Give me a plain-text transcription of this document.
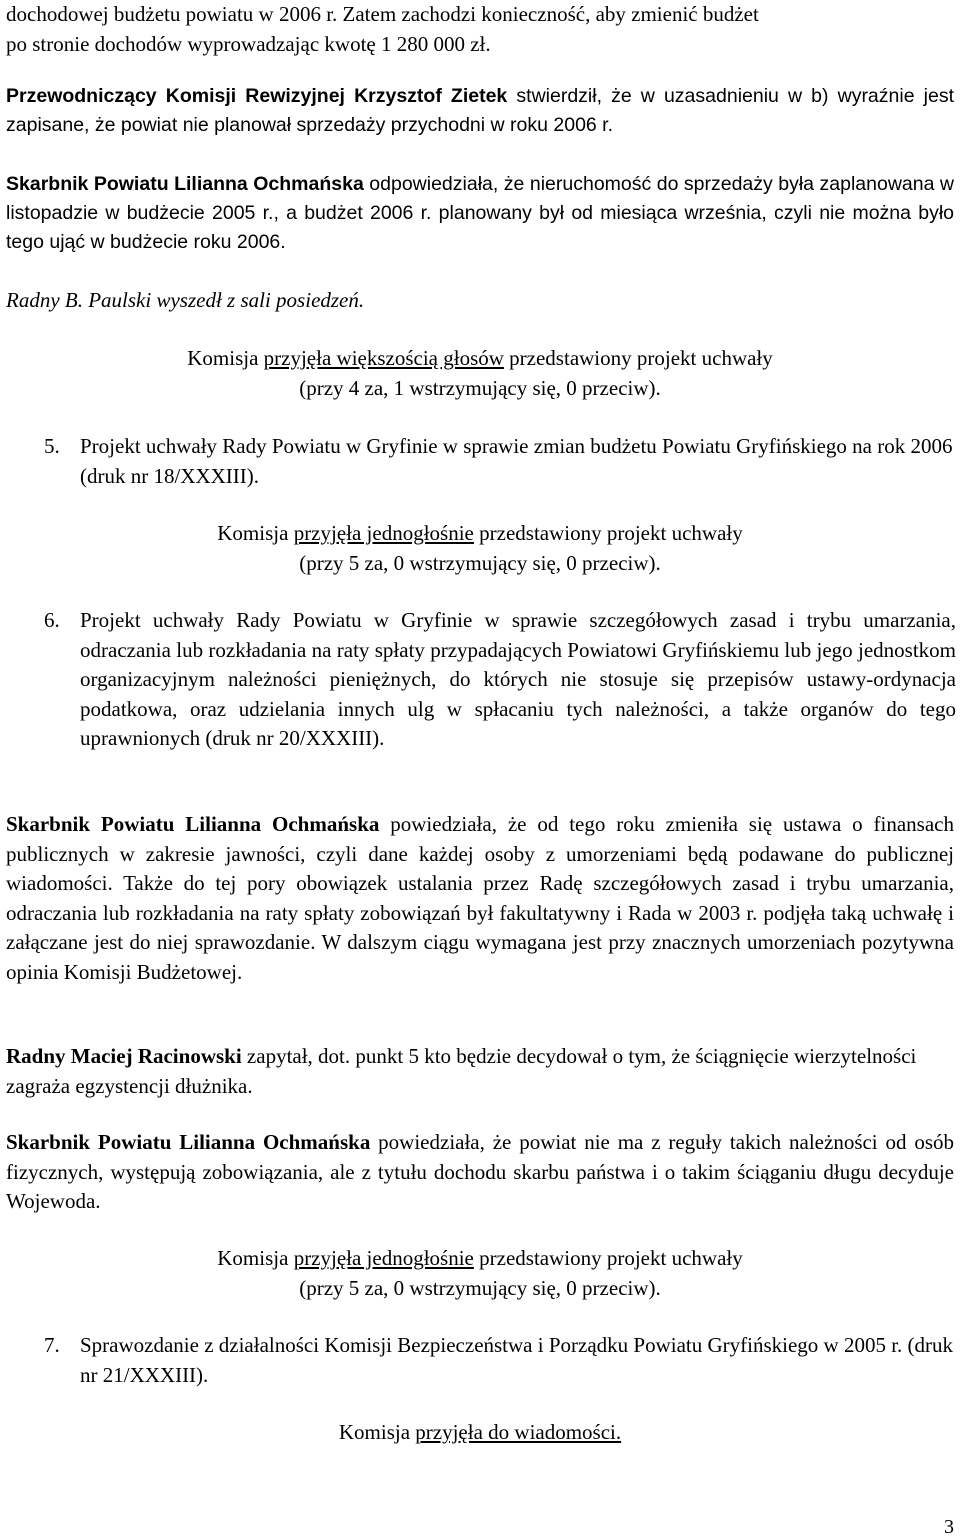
dochodowej budżetu powiatu w 2006 r. Zatem zachodzi konieczność, aby zmienić budżet
po stronie dochodów wyprowadzając kwotę 1 280 000 zł.
Przewodniczący Komisji Rewizyjnej Krzysztof Zietek stwierdził, że w uzasadnieniu w b) wyraźnie jest zapisane, że powiat nie planował sprzedaży przychodni w roku 2006 r.
Skarbnik Powiatu Lilianna Ochmańska odpowiedziała, że nieruchomość do sprzedaży była zaplanowana w listopadzie w budżecie 2005 r., a budżet 2006 r. planowany był od miesiąca września, czyli nie można było tego ująć w budżecie roku 2006.
Radny B. Paulski wyszedł z sali posiedzeń.
Komisja przyjęła większością głosów przedstawiony projekt uchwały
(przy 4 za, 1 wstrzymujący się, 0 przeciw).
5. Projekt uchwały Rady Powiatu w Gryfinie w sprawie zmian budżetu Powiatu Gryfińskiego na rok 2006 (druk nr 18/XXXIII).
Komisja przyjęła jednogłośnie przedstawiony projekt uchwały
(przy 5 za, 0 wstrzymujący się, 0 przeciw).
6. Projekt uchwały Rady Powiatu w Gryfinie w sprawie szczegółowych zasad i trybu umarzania, odraczania lub rozkładania na raty spłaty przypadających Powiatowi Gryfińskiemu lub jego jednostkom organizacyjnym należności pieniężnych, do których nie stosuje się przepisów ustawy-ordynacja podatkowa, oraz udzielania innych ulg w spłacaniu tych należności, a także organów do tego uprawnionych (druk nr 20/XXXIII).
Skarbnik Powiatu Lilianna Ochmańska powiedziała, że od tego roku zmieniła się ustawa o finansach publicznych w zakresie jawności, czyli dane każdej osoby z umorzeniami będą podawane do publicznej wiadomości. Także do tej pory obowiązek ustalania przez Radę szczegółowych zasad i trybu umarzania, odraczania lub rozkładania na raty spłaty zobowiązań był fakultatywny i Rada w 2003 r. podjęła taką uchwałę i załączane jest do niej sprawozdanie. W dalszym ciągu wymagana jest przy znacznych umorzeniach pozytywna opinia Komisji Budżetowej.
Radny Maciej Racinowski zapytał, dot. punkt 5 kto będzie decydował o tym, że ściągnięcie wierzytelności zagraża egzystencji dłużnika.
Skarbnik Powiatu Lilianna Ochmańska powiedziała, że powiat nie ma z reguły takich należności od osób fizycznych, występują zobowiązania, ale z tytułu dochodu skarbu państwa i o takim ściąganiu długu decyduje Wojewoda.
Komisja przyjęła jednogłośnie przedstawiony projekt uchwały
(przy 5 za, 0 wstrzymujący się, 0 przeciw).
7. Sprawozdanie z działalności Komisji Bezpieczeństwa i Porządku Powiatu Gryfińskiego w 2005 r. (druk nr 21/XXXIII).
Komisja przyjęła do wiadomości.
3
